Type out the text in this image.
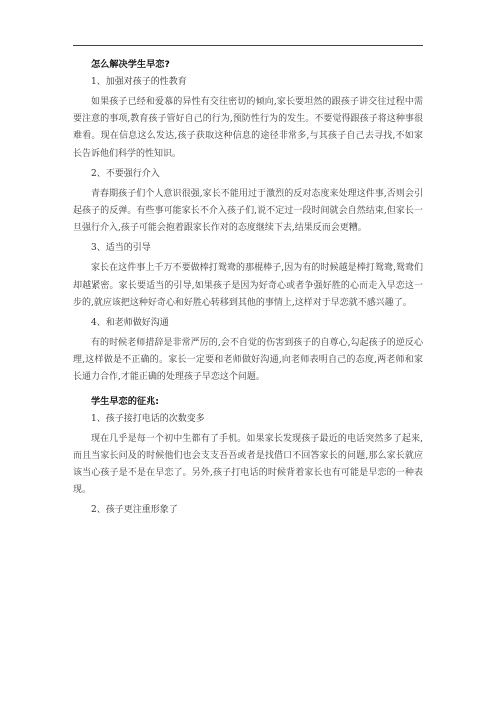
怎么解决学生早恋?
1、加强对孩子的性教育

如果孩子已经和爱慕的异性有交往密切的倾向,家长要坦然的跟孩子讲交往过程中需要注意的事项,教育孩子管好自己的行为,预防性行为的发生。不要觉得跟孩子将这种事很难看。现在信息这么发达,孩子获取这种信息的途径非常多,与其孩子自己去寻找,不如家长告诉他们科学的性知识。

2、不要强行介入

青春期孩子们个人意识很强,家长不能用过于激烈的反对态度来处理这件事,否则会引起孩子的反弹。有些事可能家长不介入孩子们,说不定过一段时间就会自然结束,但家长一旦强行介入,孩子可能会抱着跟家长作对的态度继续下去,结果反而会更糟。

3、适当的引导

家长在这件事上千万不要做棒打鸳鸯的那棍棒子,因为有的时候越是棒打鸳鸯,鸳鸯们却越紧密。家长要适当的引导,如果孩子是因为好奇心或者争强好胜的心而走入早恋这一步的,就应该把这种好奇心和好胜心转移到其他的事情上,这样对于早恋就不感兴趣了。

4、和老师做好沟通

有的时候老师措辞是非常严厉的,会不自觉的伤害到孩子的自尊心,勾起孩子的逆反心理,这样做是不正确的。家长一定要和老师做好沟通,向老师表明自己的态度,两老师和家长通力合作,才能正确的处理孩子早恋这个问题。

学生早恋的征兆:
1、孩子接打电话的次数变多

现在几乎是每一个初中生都有了手机。如果家长发现孩子最近的电话突然多了起来,而且当家长问及的时候他们也会支支吾吾或者是找借口不回答家长的问题,那么家长就应该当心孩子是不是在早恋了。另外,孩子打电话的时候背着家长也有可能是早恋的一种表现。

2、孩子更注重形象了
